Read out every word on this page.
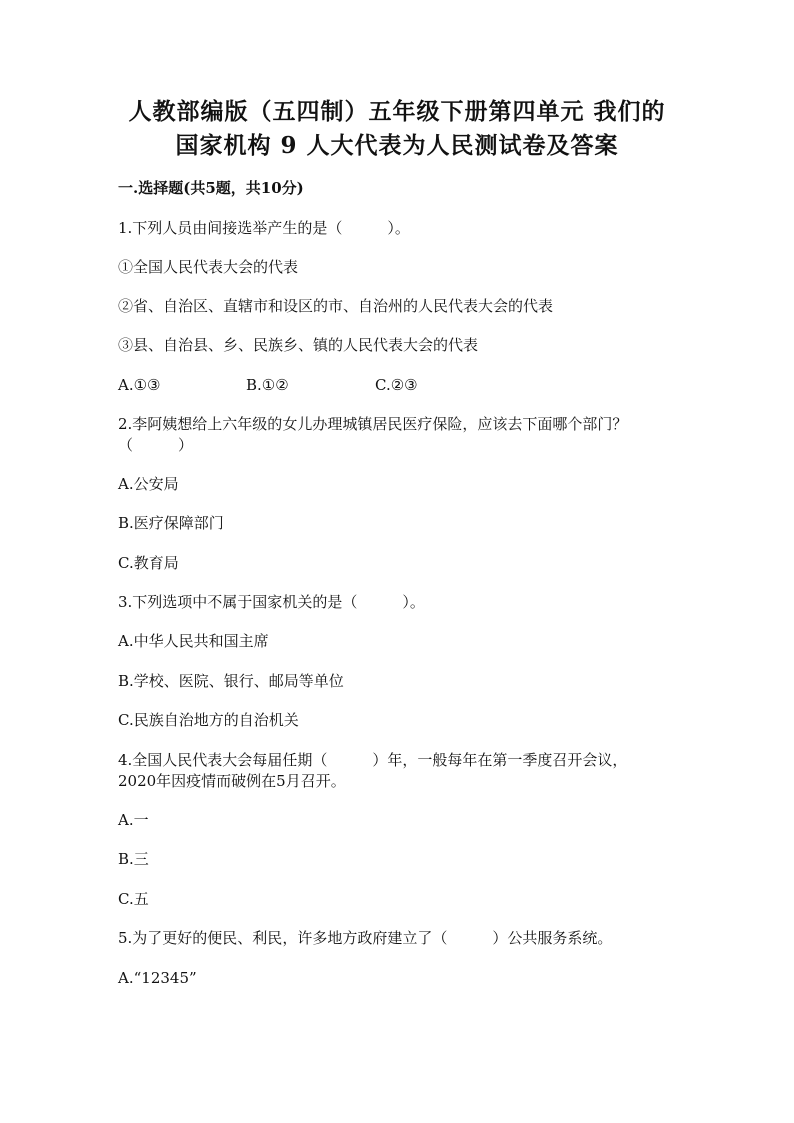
人教部编版（五四制）五年级下册第四单元 我们的
国家机构 9 人大代表为人民测试卷及答案
一.选择题(共5题，共10分)
1.下列人员由间接选举产生的是（　　　）。
①全国人民代表大会的代表
②省、自治区、直辖市和设区的市、自治州的人民代表大会的代表
③县、自治县、乡、民族乡、镇的人民代表大会的代表
A.①③	B.①②	C.②③
2.李阿姨想给上六年级的女儿办理城镇居民医疗保险，应该去下面哪个部门？
（　　　）
A.公安局
B.医疗保障部门
C.教育局
3.下列选项中不属于国家机关的是（　　　）。
A.中华人民共和国主席
B.学校、医院、银行、邮局等单位
C.民族自治地方的自治机关
4.全国人民代表大会每届任期（　　　）年，一般每年在第一季度召开会议，
2020年因疫情而破例在5月召开。
A.一
B.三
C.五
5.为了更好的便民、利民，许多地方政府建立了（　　　）公共服务系统。
A.“12345”
